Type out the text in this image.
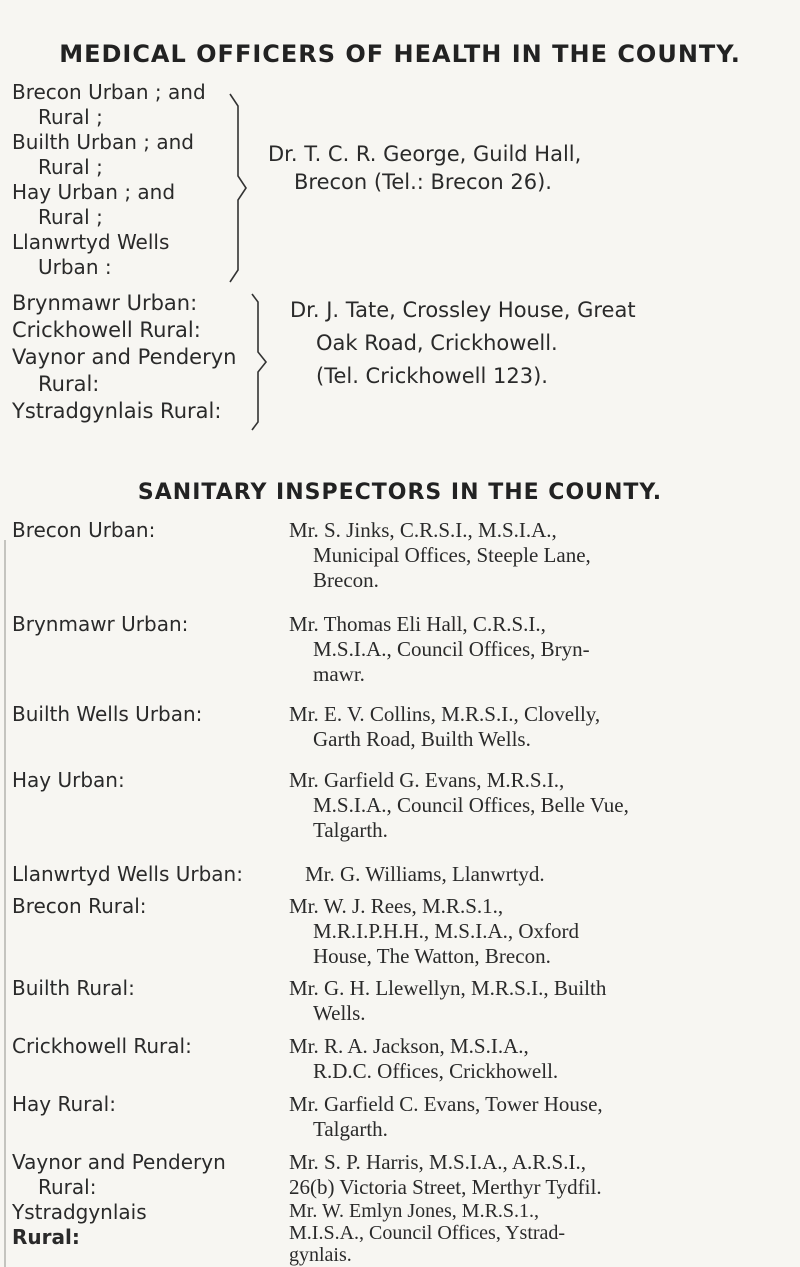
MEDICAL OFFICERS OF HEALTH IN THE COUNTY.
Brecon Urban ; and

Rural ;
Builth Urban ; and

Rural ;
Hay Urban ; and

Rural ;
Llanwrtyd Wells

Urban :
Dr. T. C. R. George, Guild Hall,

Brecon (Tel.: Brecon 26).
Brynmawr Urban:
Crickhowell Rural:
Vaynor and Penderyn

Rural:
Ystradgynlais Rural:
Dr. J. Tate, Crossley House, Great

Oak Road, Crickhowell.
(Tel. Crickhowell 123).
SANITARY INSPECTORS IN THE COUNTY.
Brecon Urban:	Mr. S. Jinks, C.R.S.I., M.S.I.A.,
Municipal Offices, Steeple Lane,
Brecon.
Brynmawr Urban:	Mr. Thomas Eli Hall, C.R.S.I.,
M.S.I.A., Council Offices, Bryn-
mawr.
Builth Wells Urban:	Mr. E. V. Collins, M.R.S.I., Clovelly,
Garth Road, Builth Wells.
Hay Urban:	Mr. Garfield G. Evans, M.R.S.I.,
M.S.I.A., Council Offices, Belle Vue,
Talgarth.
Llanwrtyd Wells Urban:	Mr. G. Williams, Llanwrtyd.
Brecon Rural:	Mr. W. J. Rees, M.R.S.1.,
M.R.I.P.H.H., M.S.I.A., Oxford
House, The Watton, Brecon.
Builth Rural:	Mr. G. H. Llewellyn, M.R.S.I., Builth
Wells.
Crickhowell Rural:	Mr. R. A. Jackson, M.S.I.A.,
R.D.C. Offices, Crickhowell.
Hay Rural:	Mr. Garfield C. Evans, Tower House,
Talgarth.
Vaynor and Penderyn
Rural:
Mr. S. P. Harris, M.S.I.A., A.R.S.I.,
26(b) Victoria Street, Merthyr Tydfil.
Ystradgynlais
Rural:
Mr. W. Emlyn Jones, M.R.S.1.,
M.I.S.A., Council Offices, Ystrad-
gynlais.
